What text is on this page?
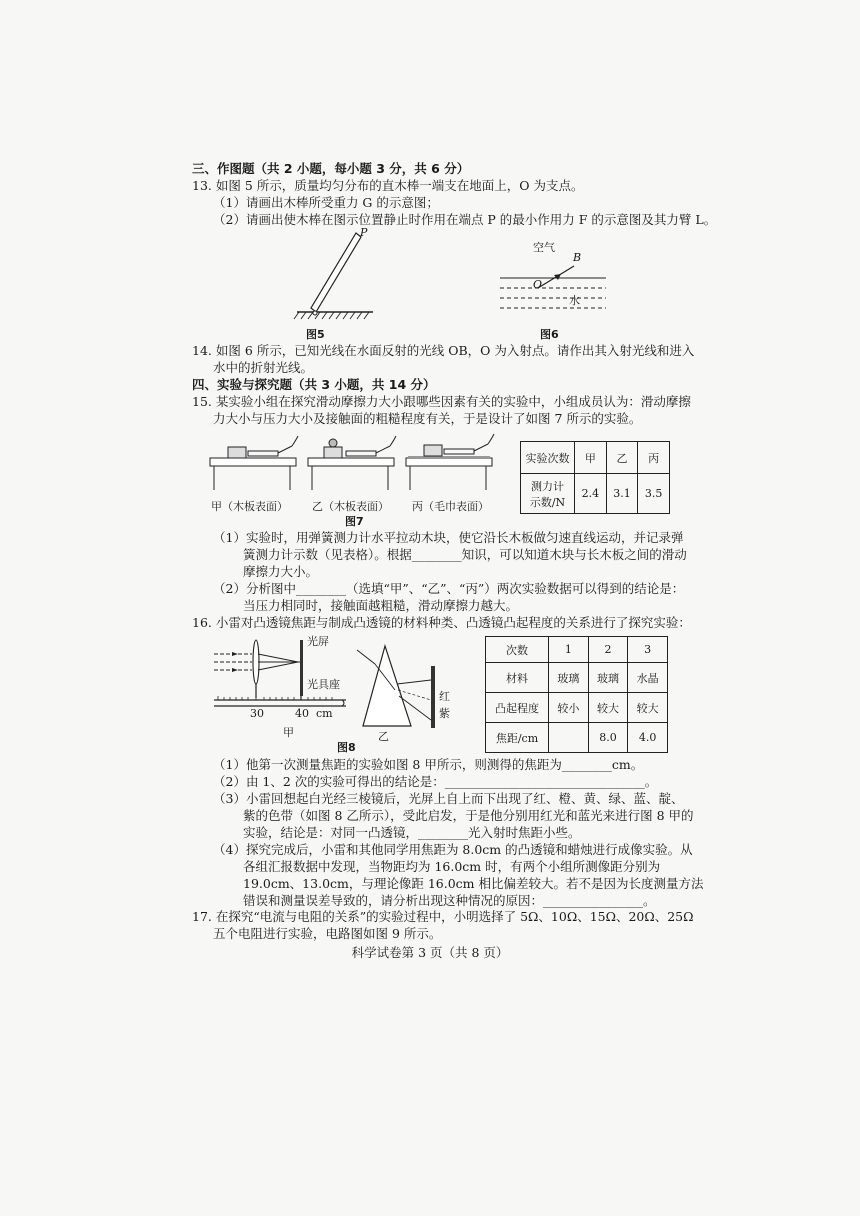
三、作图题（共 2 小题，每小题 3 分，共 6 分）
13. 如图 5 所示，质量均匀分布的直木棒一端支在地面上，O 为支点。
（1）请画出木棒所受重力 G 的示意图；
（2）请画出使木棒在图示位置静止时作用在端点 P 的最小作用力 F 的示意图及其力臂 L。
P
图5
空气
B
O
水
图6
14. 如图 6 所示，已知光线在水面反射的光线 OB，O 为入射点。请作出其入射光线和进入
水中的折射光线。
四、实验与探究题（共 3 小题，共 14 分）
15. 某实验小组在探究滑动摩擦力大小跟哪些因素有关的实验中，小组成员认为：滑动摩擦
力大小与压力大小及接触面的粗糙程度有关，于是设计了如图 7 所示的实验。
甲（木板表面） 乙（木板表面） 丙（毛巾表面）
图7
实验次数	甲	乙	丙
测力计
示数/N	2.4	3.1	3.5
（1）实验时，用弹簧测力计水平拉动木块，使它沿长木板做匀速直线运动，并记录弹
簧测力计示数（见表格）。根据________知识，可以知道木块与长木板之间的滑动
摩擦力大小。
（2）分析图中________（选填“甲”、“乙”、“丙”）两次实验数据可以得到的结论是：
当压力相同时，接触面越粗糙，滑动摩擦力越大。
16. 小雷对凸透镜焦距与制成凸透镜的材料种类、凸透镜凸起程度的关系进行了探究实验：
光屏
光具座
30	40 cm
甲
红
紫
乙
图8
次数	1	2	3
材料	玻璃	玻璃	水晶
凸起程度	较小	较大	较大
焦距/cm		8.0	4.0
（1）他第一次测量焦距的实验如图 8 甲所示，则测得的焦距为________cm。
（2）由 1、2 次的实验可得出的结论是：________________________________。
（3）小雷回想起白光经三棱镜后，光屏上自上而下出现了红、橙、黄、绿、蓝、靛、
紫的色带（如图 8 乙所示），受此启发，于是他分别用红光和蓝光来进行图 8 甲的
实验，结论是：对同一凸透镜，________光入射时焦距小些。
（4）探究完成后，小雷和其他同学用焦距为 8.0cm 的凸透镜和蜡烛进行成像实验。从
各组汇报数据中发现，当物距均为 16.0cm 时，有两个小组所测像距分别为
19.0cm、13.0cm，与理论像距 16.0cm 相比偏差较大。若不是因为长度测量方法
错误和测量误差导致的，请分析出现这种情况的原因：________________。
17. 在探究“电流与电阻的关系”的实验过程中，小明选择了 5Ω、10Ω、15Ω、20Ω、25Ω
五个电阻进行实验，电路图如图 9 所示。
科学试卷第 3 页（共 8 页）
